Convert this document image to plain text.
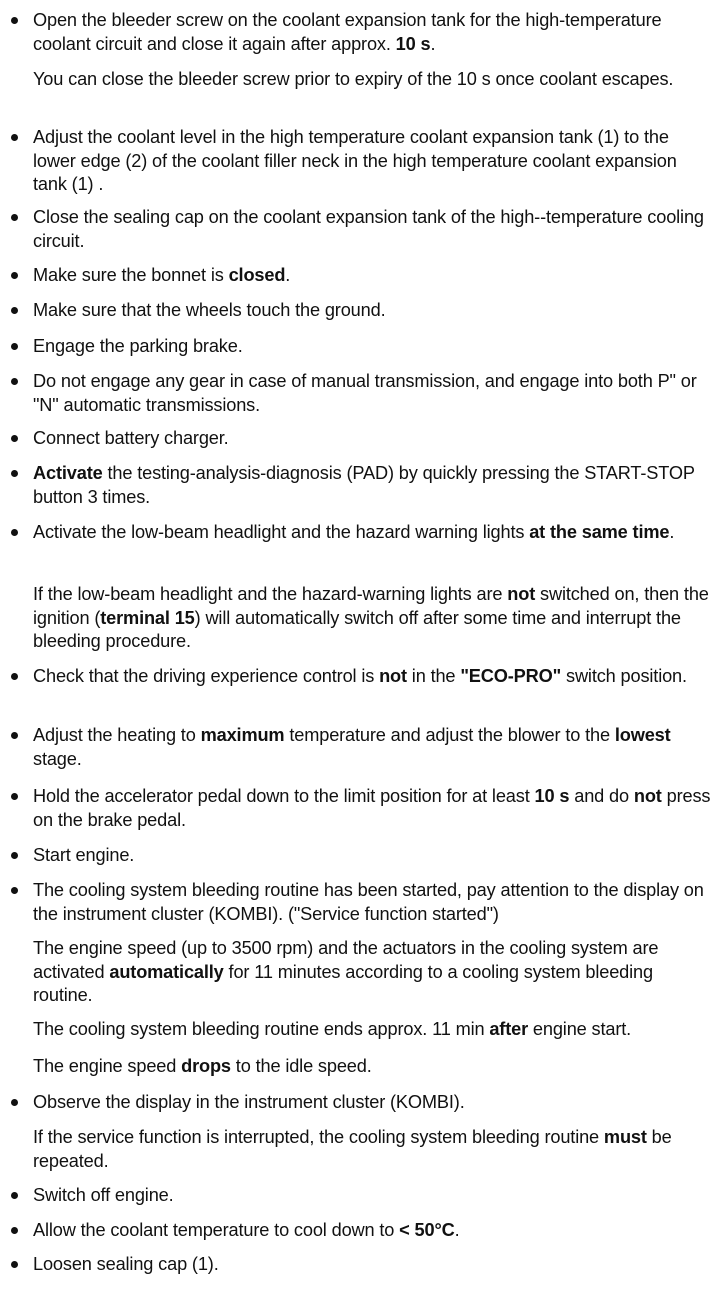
Open the bleeder screw on the coolant expansion tank for the high-temperature coolant circuit and close it again after approx. 10 s.
You can close the bleeder screw prior to expiry of the 10 s once coolant escapes.
Adjust the coolant level in the high temperature coolant expansion tank (1) to the lower edge (2) of the coolant filler neck in the high temperature coolant expansion tank (1) .
Close the sealing cap on the coolant expansion tank of the high--temperature cooling circuit.
Make sure the bonnet is closed.
Make sure that the wheels touch the ground.
Engage the parking brake.
Do not engage any gear in case of manual transmission, and engage into both P" or "N" automatic transmissions.
Connect battery charger.
Activate the testing-analysis-diagnosis (PAD) by quickly pressing the START-STOP button 3 times.
Activate the low-beam headlight and the hazard warning lights at the same time.
If the low-beam headlight and the hazard-warning lights are not switched on, then the ignition (terminal 15) will automatically switch off after some time and interrupt the bleeding procedure.
Check that the driving experience control is not in the "ECO-PRO" switch position.
Adjust the heating to maximum temperature and adjust the blower to the lowest stage.
Hold the accelerator pedal down to the limit position for at least 10 s and do not press on the brake pedal.
Start engine.
The cooling system bleeding routine has been started, pay attention to the display on the instrument cluster (KOMBI). ("Service function started")
The engine speed (up to 3500 rpm) and the actuators in the cooling system are activated automatically for 11 minutes according to a cooling system bleeding routine.
The cooling system bleeding routine ends approx. 11 min after engine start.
The engine speed drops to the idle speed.
Observe the display in the instrument cluster (KOMBI).
If the service function is interrupted, the cooling system bleeding routine must be repeated.
Switch off engine.
Allow the coolant temperature to cool down to < 50°C.
Loosen sealing cap (1).
